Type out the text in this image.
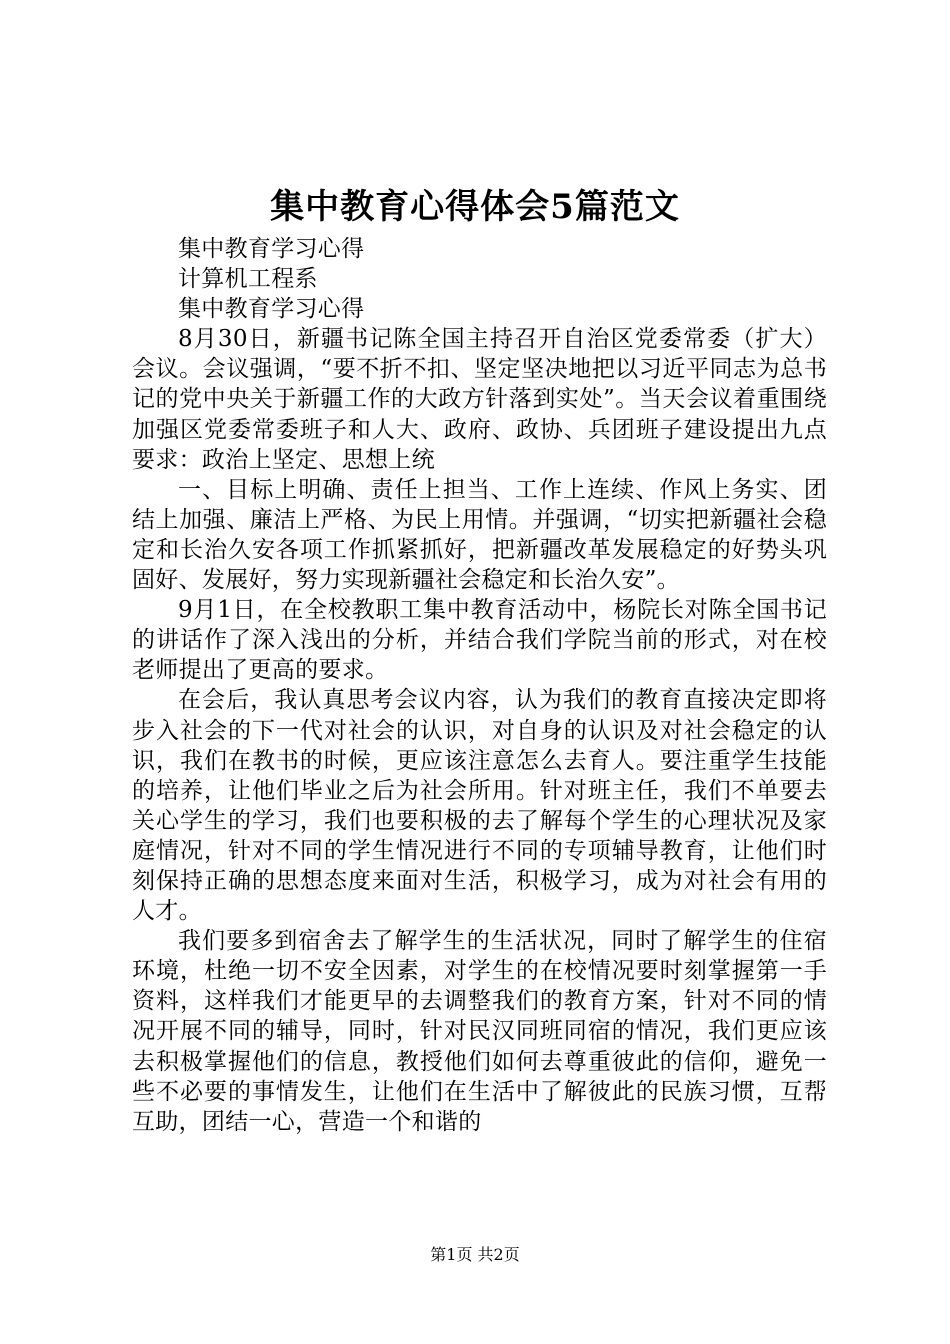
集中教育心得体会5篇范文

集中教育学习心得

计算机工程系

集中教育学习心得

8月30日，新疆书记陈全国主持召开自治区党委常委（扩大）会议。会议强调，“要不折不扣、坚定坚决地把以习近平同志为总书记的党中央关于新疆工作的大政方针落到实处”。当天会议着重围绕加强区党委常委班子和人大、政府、政协、兵团班子建设提出九点要求：政治上坚定、思想上统

一、目标上明确、责任上担当、工作上连续、作风上务实、团结上加强、廉洁上严格、为民上用情。并强调，“切实把新疆社会稳定和长治久安各项工作抓紧抓好，把新疆改革发展稳定的好势头巩固好、发展好，努力实现新疆社会稳定和长治久安”。

9月1日，在全校教职工集中教育活动中，杨院长对陈全国书记的讲话作了深入浅出的分析，并结合我们学院当前的形式，对在校老师提出了更高的要求。

在会后，我认真思考会议内容，认为我们的教育直接决定即将步入社会的下一代对社会的认识，对自身的认识及对社会稳定的认识，我们在教书的时候，更应该注意怎么去育人。要注重学生技能的培养，让他们毕业之后为社会所用。针对班主任，我们不单要去关心学生的学习，我们也要积极的去了解每个学生的心理状况及家庭情况，针对不同的学生情况进行不同的专项辅导教育，让他们时刻保持正确的思想态度来面对生活，积极学习，成为对社会有用的人才。

我们要多到宿舍去了解学生的生活状况，同时了解学生的住宿环境，杜绝一切不安全因素，对学生的在校情况要时刻掌握第一手资料，这样我们才能更早的去调整我们的教育方案，针对不同的情况开展不同的辅导，同时，针对民汉同班同宿的情况，我们更应该去积极掌握他们的信息，教授他们如何去尊重彼此的信仰，避免一些不必要的事情发生，让他们在生活中了解彼此的民族习惯，互帮互助，团结一心，营造一个和谐的

第1页 共2页
